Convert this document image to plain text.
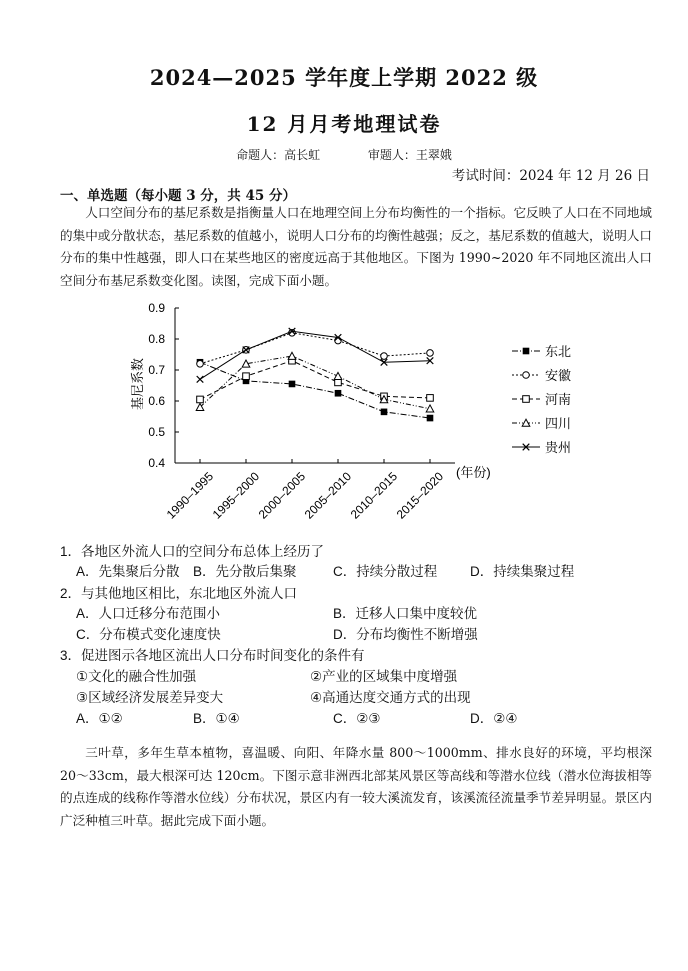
2024—2025 学年度上学期 2022 级
12 月月考地理试卷
命题人：高长虹	审题人：王翠娥
考试时间：2024 年 12 月 26 日
一、单选题（每小题 3 分，共 45 分）
人口空间分布的基尼系数是指衡量人口在地理空间上分布均衡性的一个指标。它反映了人口在不同地域的集中或分散状态，基尼系数的值越小，说明人口分布的均衡性越强；反之，基尼系数的值越大，说明人口分布的集中性越强，即人口在某些地区的密度远高于其他地区。下图为 1990~2020 年不同地区流出人口空间分布基尼系数变化图。读图，完成下面小题。
0.9
0.8
0.7
0.6
0.5
0.4
1990–1995
1995–2000
2000–2005
2005–2010
2010–2015
2015–2020
东北
安徽
河南
四川
贵州
基尼系数
(年份)
1．各地区外流人口的空间分布总体上经历了
A．先集聚后分散 B．先分散后集聚	C．持续分散过程 D．持续集聚过程
2．与其他地区相比，东北地区外流人口
A．人口迁移分布范围小	B．迁移人口集中度较优
C．分布模式变化速度快	D．分布均衡性不断增强
3．促进图示各地区流出人口分布时间变化的条件有
①文化的融合性加强	②产业的区域集中度增强
③区域经济发展差异变大	④高通达度交通方式的出现
A．①②	B．①④	C．②③	D．②④
三叶草，多年生草本植物，喜温暖、向阳、年降水量 800～1000mm、排水良好的环境，平均根深 20～33cm，最大根深可达 120cm。下图示意非洲西北部某风景区等高线和等潜水位线（潜水位海拔相等的点连成的线称作等潜水位线）分布状况，景区内有一较大溪流发育，该溪流径流量季节差异明显。景区内广泛种植三叶草。据此完成下面小题。
